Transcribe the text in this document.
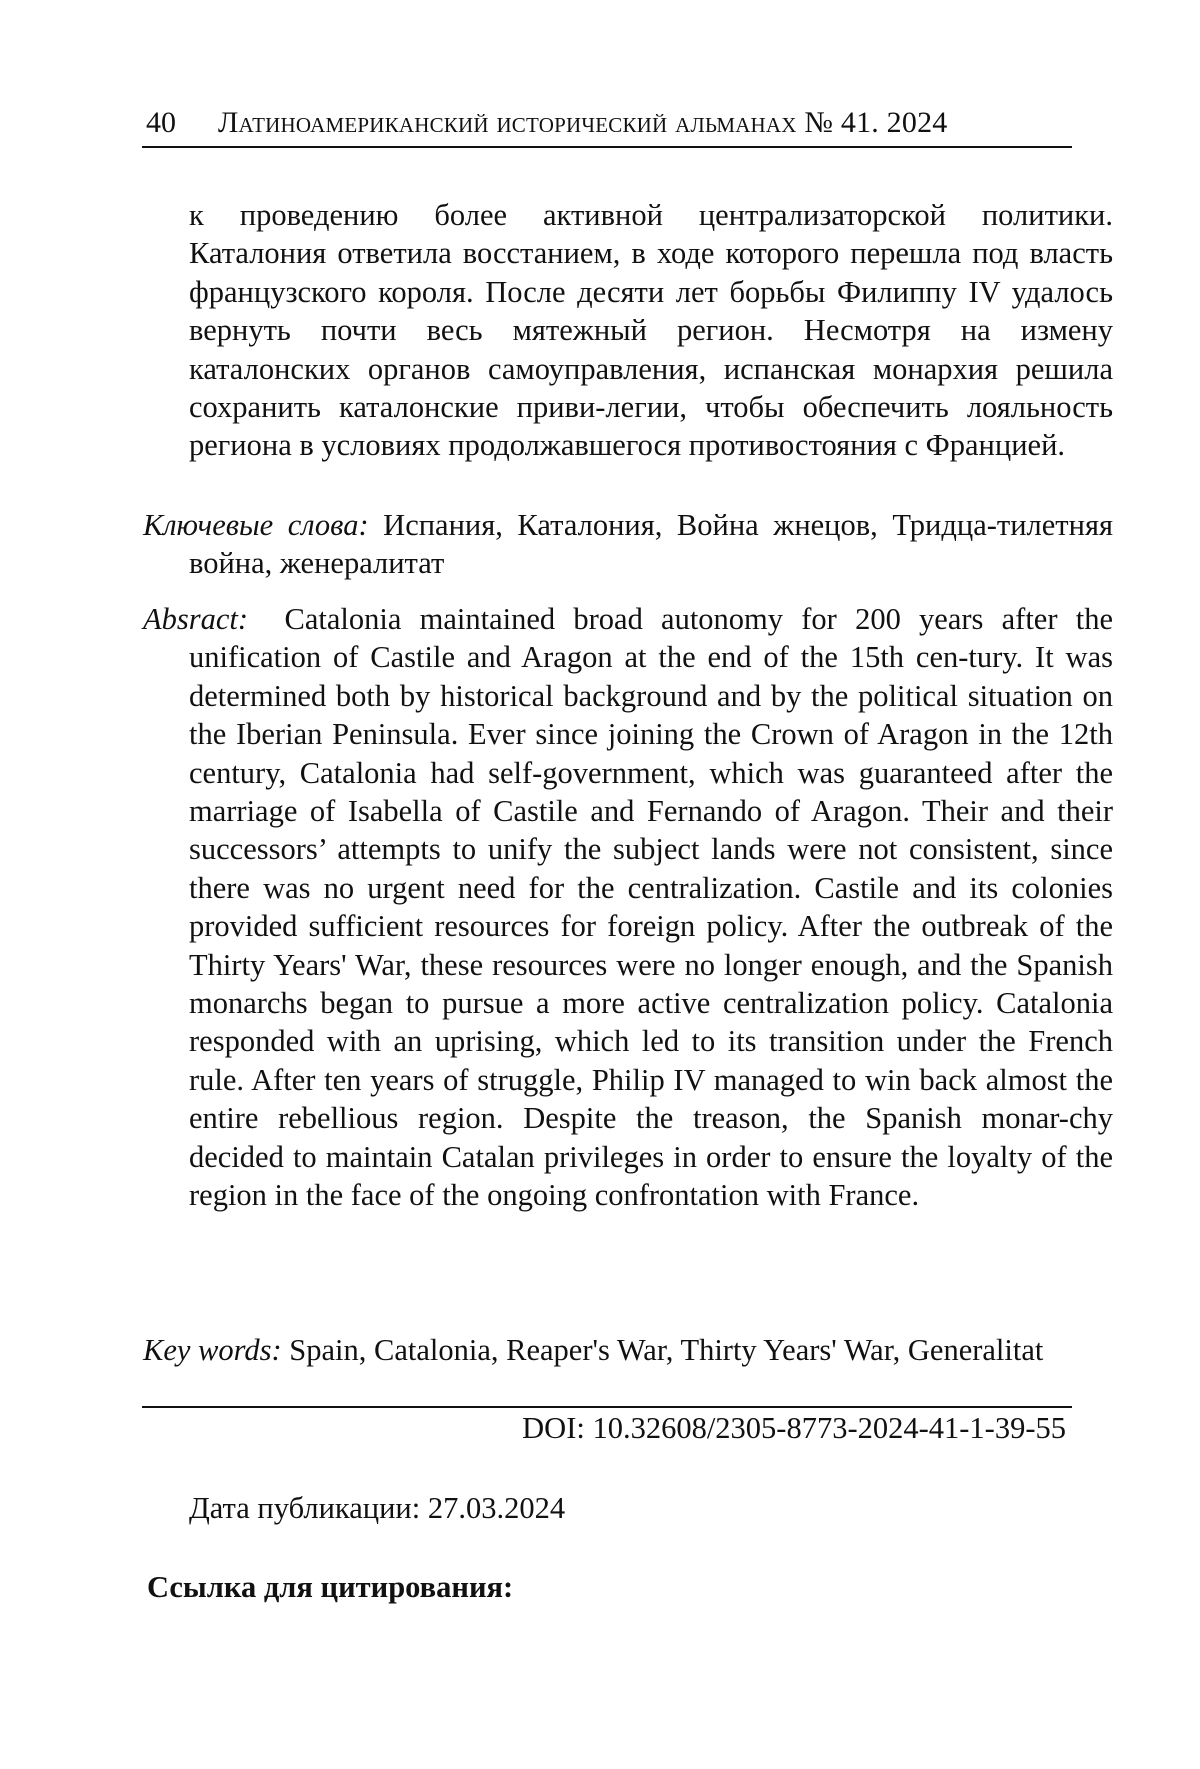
40 Латиноамериканский исторический альманах № 41. 2024
к проведению более активной централизаторской политики. Каталония ответила восстанием, в ходе которого перешла под власть французского короля. После десяти лет борьбы Филиппу IV удалось вернуть почти весь мятежный регион. Несмотря на измену каталонских органов самоуправления, испанская монархия решила сохранить каталонские приви-легии, чтобы обеспечить лояльность региона в условиях продолжавшегося противостояния с Францией.
Ключевые слова: Испания, Каталония, Война жнецов, Тридца-тилетняя война, женералитат
Absract: Catalonia maintained broad autonomy for 200 years after the unification of Castile and Aragon at the end of the 15th cen-tury. It was determined both by historical background and by the political situation on the Iberian Peninsula. Ever since joining the Crown of Aragon in the 12th century, Catalonia had self-government, which was guaranteed after the marriage of Isabella of Castile and Fernando of Aragon. Their and their successors’ attempts to unify the subject lands were not consistent, since there was no urgent need for the centralization. Castile and its colonies provided sufficient resources for foreign policy. After the outbreak of the Thirty Years' War, these resources were no longer enough, and the Spanish monarchs began to pursue a more active centralization policy. Catalonia responded with an uprising, which led to its transition under the French rule. After ten years of struggle, Philip IV managed to win back almost the entire rebellious region. Despite the treason, the Spanish monar-chy decided to maintain Catalan privileges in order to ensure the loyalty of the region in the face of the ongoing confrontation with France.
Key words: Spain, Catalonia, Reaper's War, Thirty Years' War, Generalitat
DOI: 10.32608/2305-8773-2024-41-1-39-55
Дата публикации: 27.03.2024
Ссылка для цитирования:
